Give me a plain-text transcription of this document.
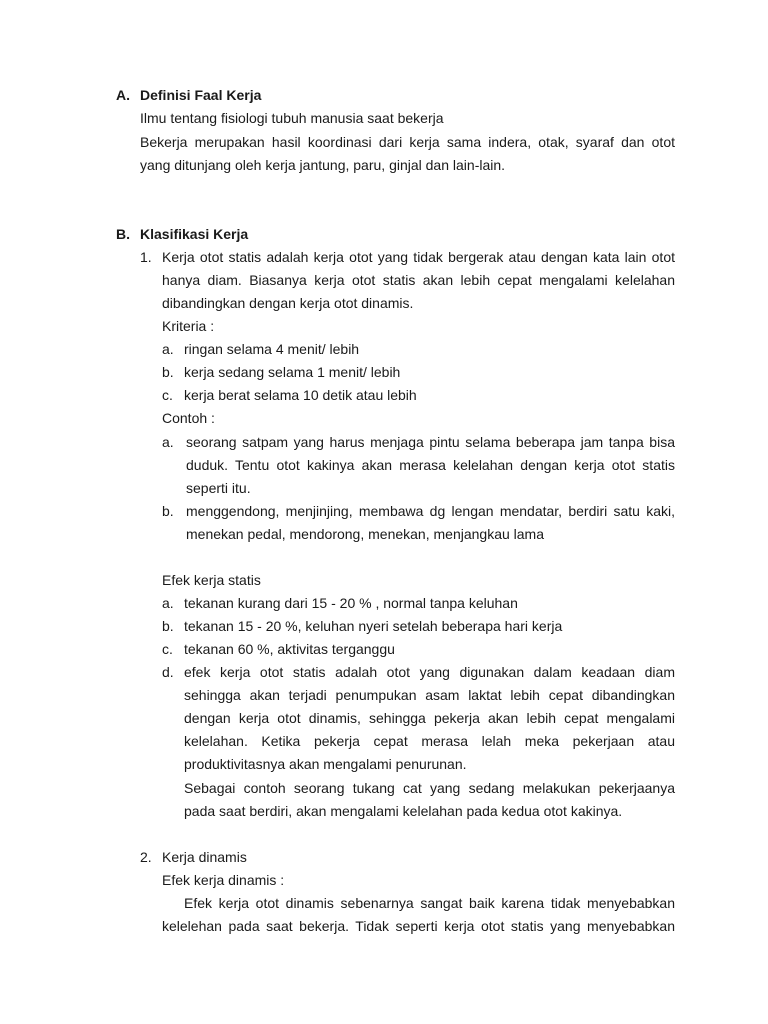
A. Definisi Faal Kerja
Ilmu tentang fisiologi tubuh manusia saat bekerja
Bekerja merupakan hasil koordinasi dari kerja sama indera, otak, syaraf dan otot
yang ditunjang oleh kerja jantung, paru, ginjal dan lain-lain.
B. Klasifikasi Kerja
1. Kerja otot statis adalah kerja otot yang tidak bergerak atau dengan kata lain otot
hanya diam. Biasanya kerja otot statis akan lebih cepat mengalami kelelahan
dibandingkan dengan kerja otot dinamis.
Kriteria :
a. ringan selama 4 menit/ lebih
b. kerja sedang selama 1 menit/ lebih
c. kerja berat selama 10 detik atau lebih
Contoh :
a. seorang satpam yang harus menjaga pintu selama beberapa jam tanpa bisa
duduk. Tentu otot kakinya akan merasa kelelahan dengan kerja otot statis
seperti itu.
b. menggendong, menjinjing, membawa dg lengan mendatar, berdiri satu kaki,
menekan pedal, mendorong, menekan, menjangkau lama
Efek kerja statis
a. tekanan kurang dari 15 - 20 % , normal tanpa keluhan
b. tekanan 15 - 20 %, keluhan nyeri setelah beberapa hari kerja
c. tekanan 60 %, aktivitas terganggu
d. efek kerja otot statis adalah otot yang digunakan dalam keadaan diam
sehingga akan terjadi penumpukan asam laktat lebih cepat dibandingkan
dengan kerja otot dinamis, sehingga pekerja akan lebih cepat mengalami
kelelahan. Ketika pekerja cepat merasa lelah meka pekerjaan atau
produktivitasnya akan mengalami penurunan.
Sebagai contoh seorang tukang cat yang sedang melakukan pekerjaanya
pada saat berdiri, akan mengalami kelelahan pada kedua otot kakinya.
2. Kerja dinamis
Efek kerja dinamis :
Efek kerja otot dinamis sebenarnya sangat baik karena tidak menyebabkan
kelelehan pada saat bekerja. Tidak seperti kerja otot statis yang menyebabkan
